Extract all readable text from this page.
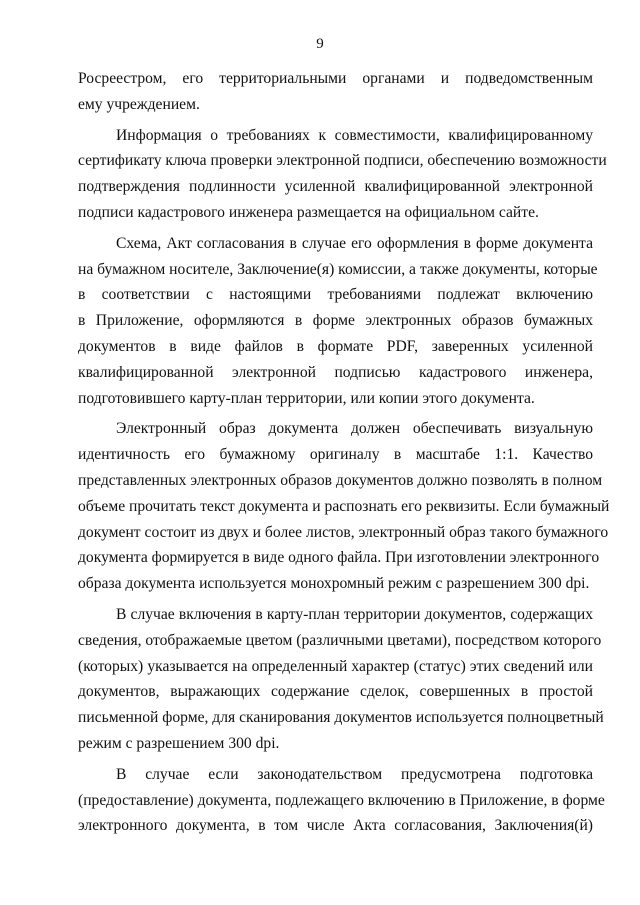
9
Росреестром, его территориальными органами и подведомственным
ему учреждением.
Информация о требованиях к совместимости, квалифицированному
сертификату ключа проверки электронной подписи, обеспечению возможности
подтверждения подлинности усиленной квалифицированной электронной
подписи кадастрового инженера размещается на официальном сайте.
Схема, Акт согласования в случае его оформления в форме документа
на бумажном носителе, Заключение(я) комиссии, а также документы, которые
в соответствии с настоящими требованиями подлежат включению
в Приложение, оформляются в форме электронных образов бумажных
документов в виде файлов в формате PDF, заверенных усиленной
квалифицированной электронной подписью кадастрового инженера,
подготовившего карту-план территории, или копии этого документа.
Электронный образ документа должен обеспечивать визуальную
идентичность его бумажному оригиналу в масштабе 1:1. Качество
представленных электронных образов документов должно позволять в полном
объеме прочитать текст документа и распознать его реквизиты. Если бумажный
документ состоит из двух и более листов, электронный образ такого бумажного
документа формируется в виде одного файла. При изготовлении электронного
образа документа используется монохромный режим с разрешением 300 dpi.
В случае включения в карту-план территории документов, содержащих
сведения, отображаемые цветом (различными цветами), посредством которого
(которых) указывается на определенный характер (статус) этих сведений или
документов, выражающих содержание сделок, совершенных в простой
письменной форме, для сканирования документов используется полноцветный
режим с разрешением 300 dpi.
В случае если законодательством предусмотрена подготовка
(предоставление) документа, подлежащего включению в Приложение, в форме
электронного документа, в том числе Акта согласования, Заключения(й)
